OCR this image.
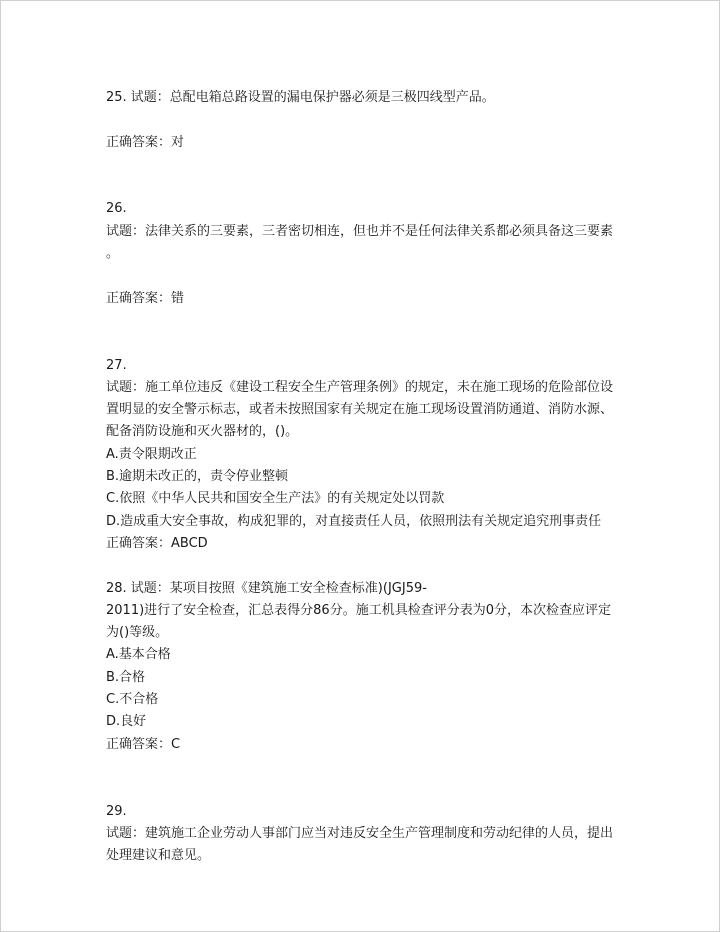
25. 试题：总配电箱总路设置的漏电保护器必须是三极四线型产品。
正确答案：对
26.
试题：法律关系的三要素，三者密切相连，但也并不是任何法律关系都必须具备这三要素
。
正确答案：错
27.
试题：施工单位违反《建设工程安全生产管理条例》的规定，未在施工现场的危险部位设
置明显的安全警示标志，或者未按照国家有关规定在施工现场设置消防通道、消防水源、
配备消防设施和灭火器材的，()。
A.责令限期改正
B.逾期未改正的，责令停业整顿
C.依照《中华人民共和国安全生产法》的有关规定处以罚款
D.造成重大安全事故，构成犯罪的，对直接责任人员，依照刑法有关规定追究刑事责任
正确答案：ABCD
28. 试题：某项目按照《建筑施工安全检查标准)(JGJ59-
2011)进行了安全检查，汇总表得分86分。施工机具检查评分表为0分，本次检查应评定
为()等级。
A.基本合格
B.合格
C.不合格
D.良好
正确答案：C
29.
试题：建筑施工企业劳动人事部门应当对违反安全生产管理制度和劳动纪律的人员，提出
处理建议和意见。
